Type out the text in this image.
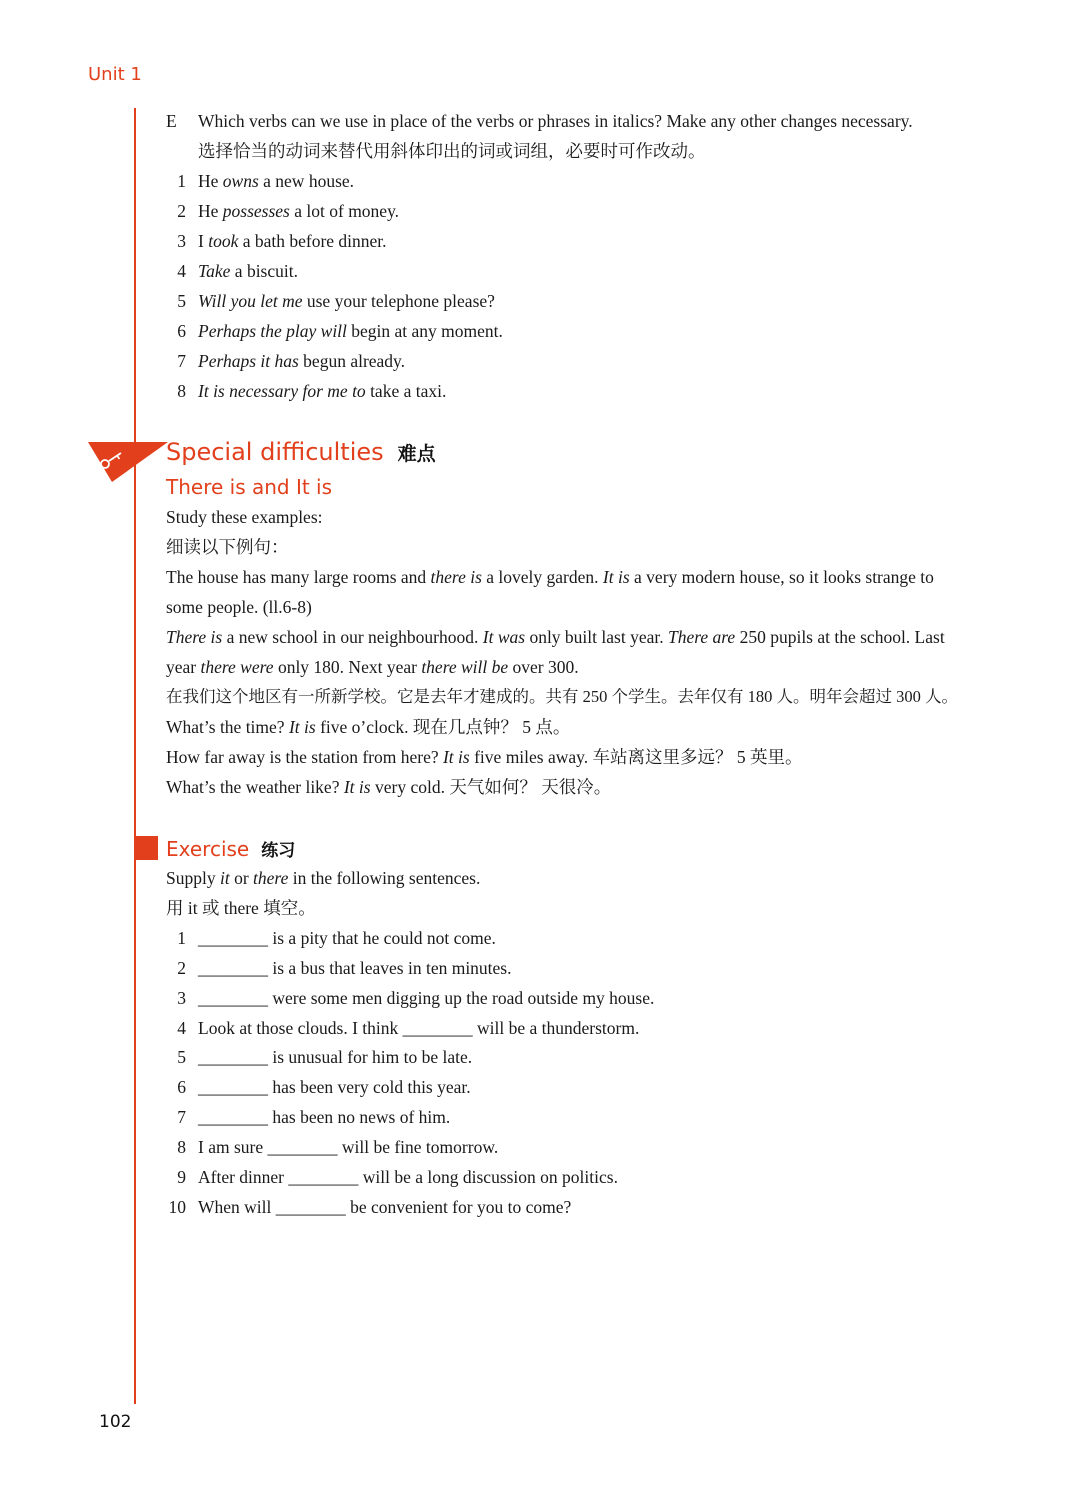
Unit 1
E Which verbs can we use in place of the verbs or phrases in italics? Make any other changes necessary.
选择恰当的动词来替代用斜体印出的词或词组，必要时可作改动。
1 He owns a new house.
2 He possesses a lot of money.
3 I took a bath before dinner.
4 Take a biscuit.
5 Will you let me use your telephone please?
6 Perhaps the play will begin at any moment.
7 Perhaps it has begun already.
8 It is necessary for me to take a taxi.
Special difficulties 难点
There is and It is
Study these examples:
细读以下例句：
The house has many large rooms and there is a lovely garden. It is a very modern house, so it looks strange to
some people. (ll.6-8)
There is a new school in our neighbourhood. It was only built last year. There are 250 pupils at the school. Last
year there were only 180. Next year there will be over 300.
在我们这个地区有一所新学校。它是去年才建成的。共有 250 个学生。去年仅有 180 人。明年会超过 300 人。
What’s the time? It is five o’clock. 现在几点钟？ 5 点。
How far away is the station from here? It is five miles away. 车站离这里多远？ 5 英里。
What’s the weather like? It is very cold. 天气如何？ 天很冷。
Exercise 练习
Supply it or there in the following sentences.
用 it 或 there 填空。
1 ________ is a pity that he could not come.
2 ________ is a bus that leaves in ten minutes.
3 ________ were some men digging up the road outside my house.
4 Look at those clouds. I think ________ will be a thunderstorm.
5 ________ is unusual for him to be late.
6 ________ has been very cold this year.
7 ________ has been no news of him.
8 I am sure ________ will be fine tomorrow.
9 After dinner ________ will be a long discussion on politics.
10 When will ________ be convenient for you to come?
102
